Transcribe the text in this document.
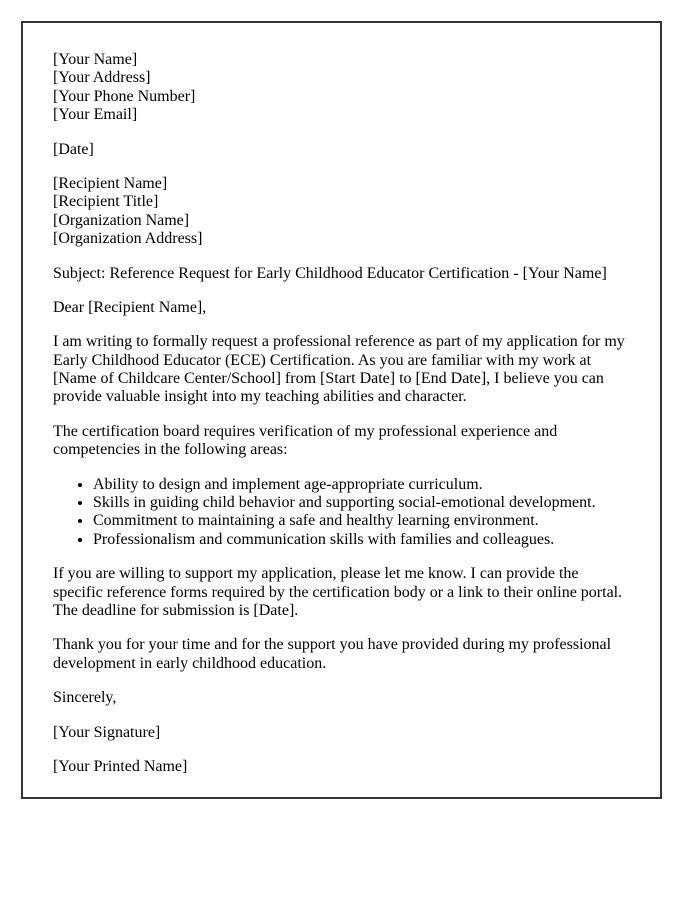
[Your Name]
[Your Address]
[Your Phone Number]
[Your Email]

[Date]

[Recipient Name]
[Recipient Title]
[Organization Name]
[Organization Address]

Subject: Reference Request for Early Childhood Educator Certification - [Your Name]

Dear [Recipient Name],

I am writing to formally request a professional reference as part of my application for my Early Childhood Educator (ECE) Certification. As you are familiar with my work at [Name of Childcare Center/School] from [Start Date] to [End Date], I believe you can provide valuable insight into my teaching abilities and character.

The certification board requires verification of my professional experience and competencies in the following areas:

• Ability to design and implement age-appropriate curriculum.
• Skills in guiding child behavior and supporting social-emotional development.
• Commitment to maintaining a safe and healthy learning environment.
• Professionalism and communication skills with families and colleagues.

If you are willing to support my application, please let me know. I can provide the specific reference forms required by the certification body or a link to their online portal. The deadline for submission is [Date].

Thank you for your time and for the support you have provided during my professional development in early childhood education.

Sincerely,

[Your Signature]

[Your Printed Name]
